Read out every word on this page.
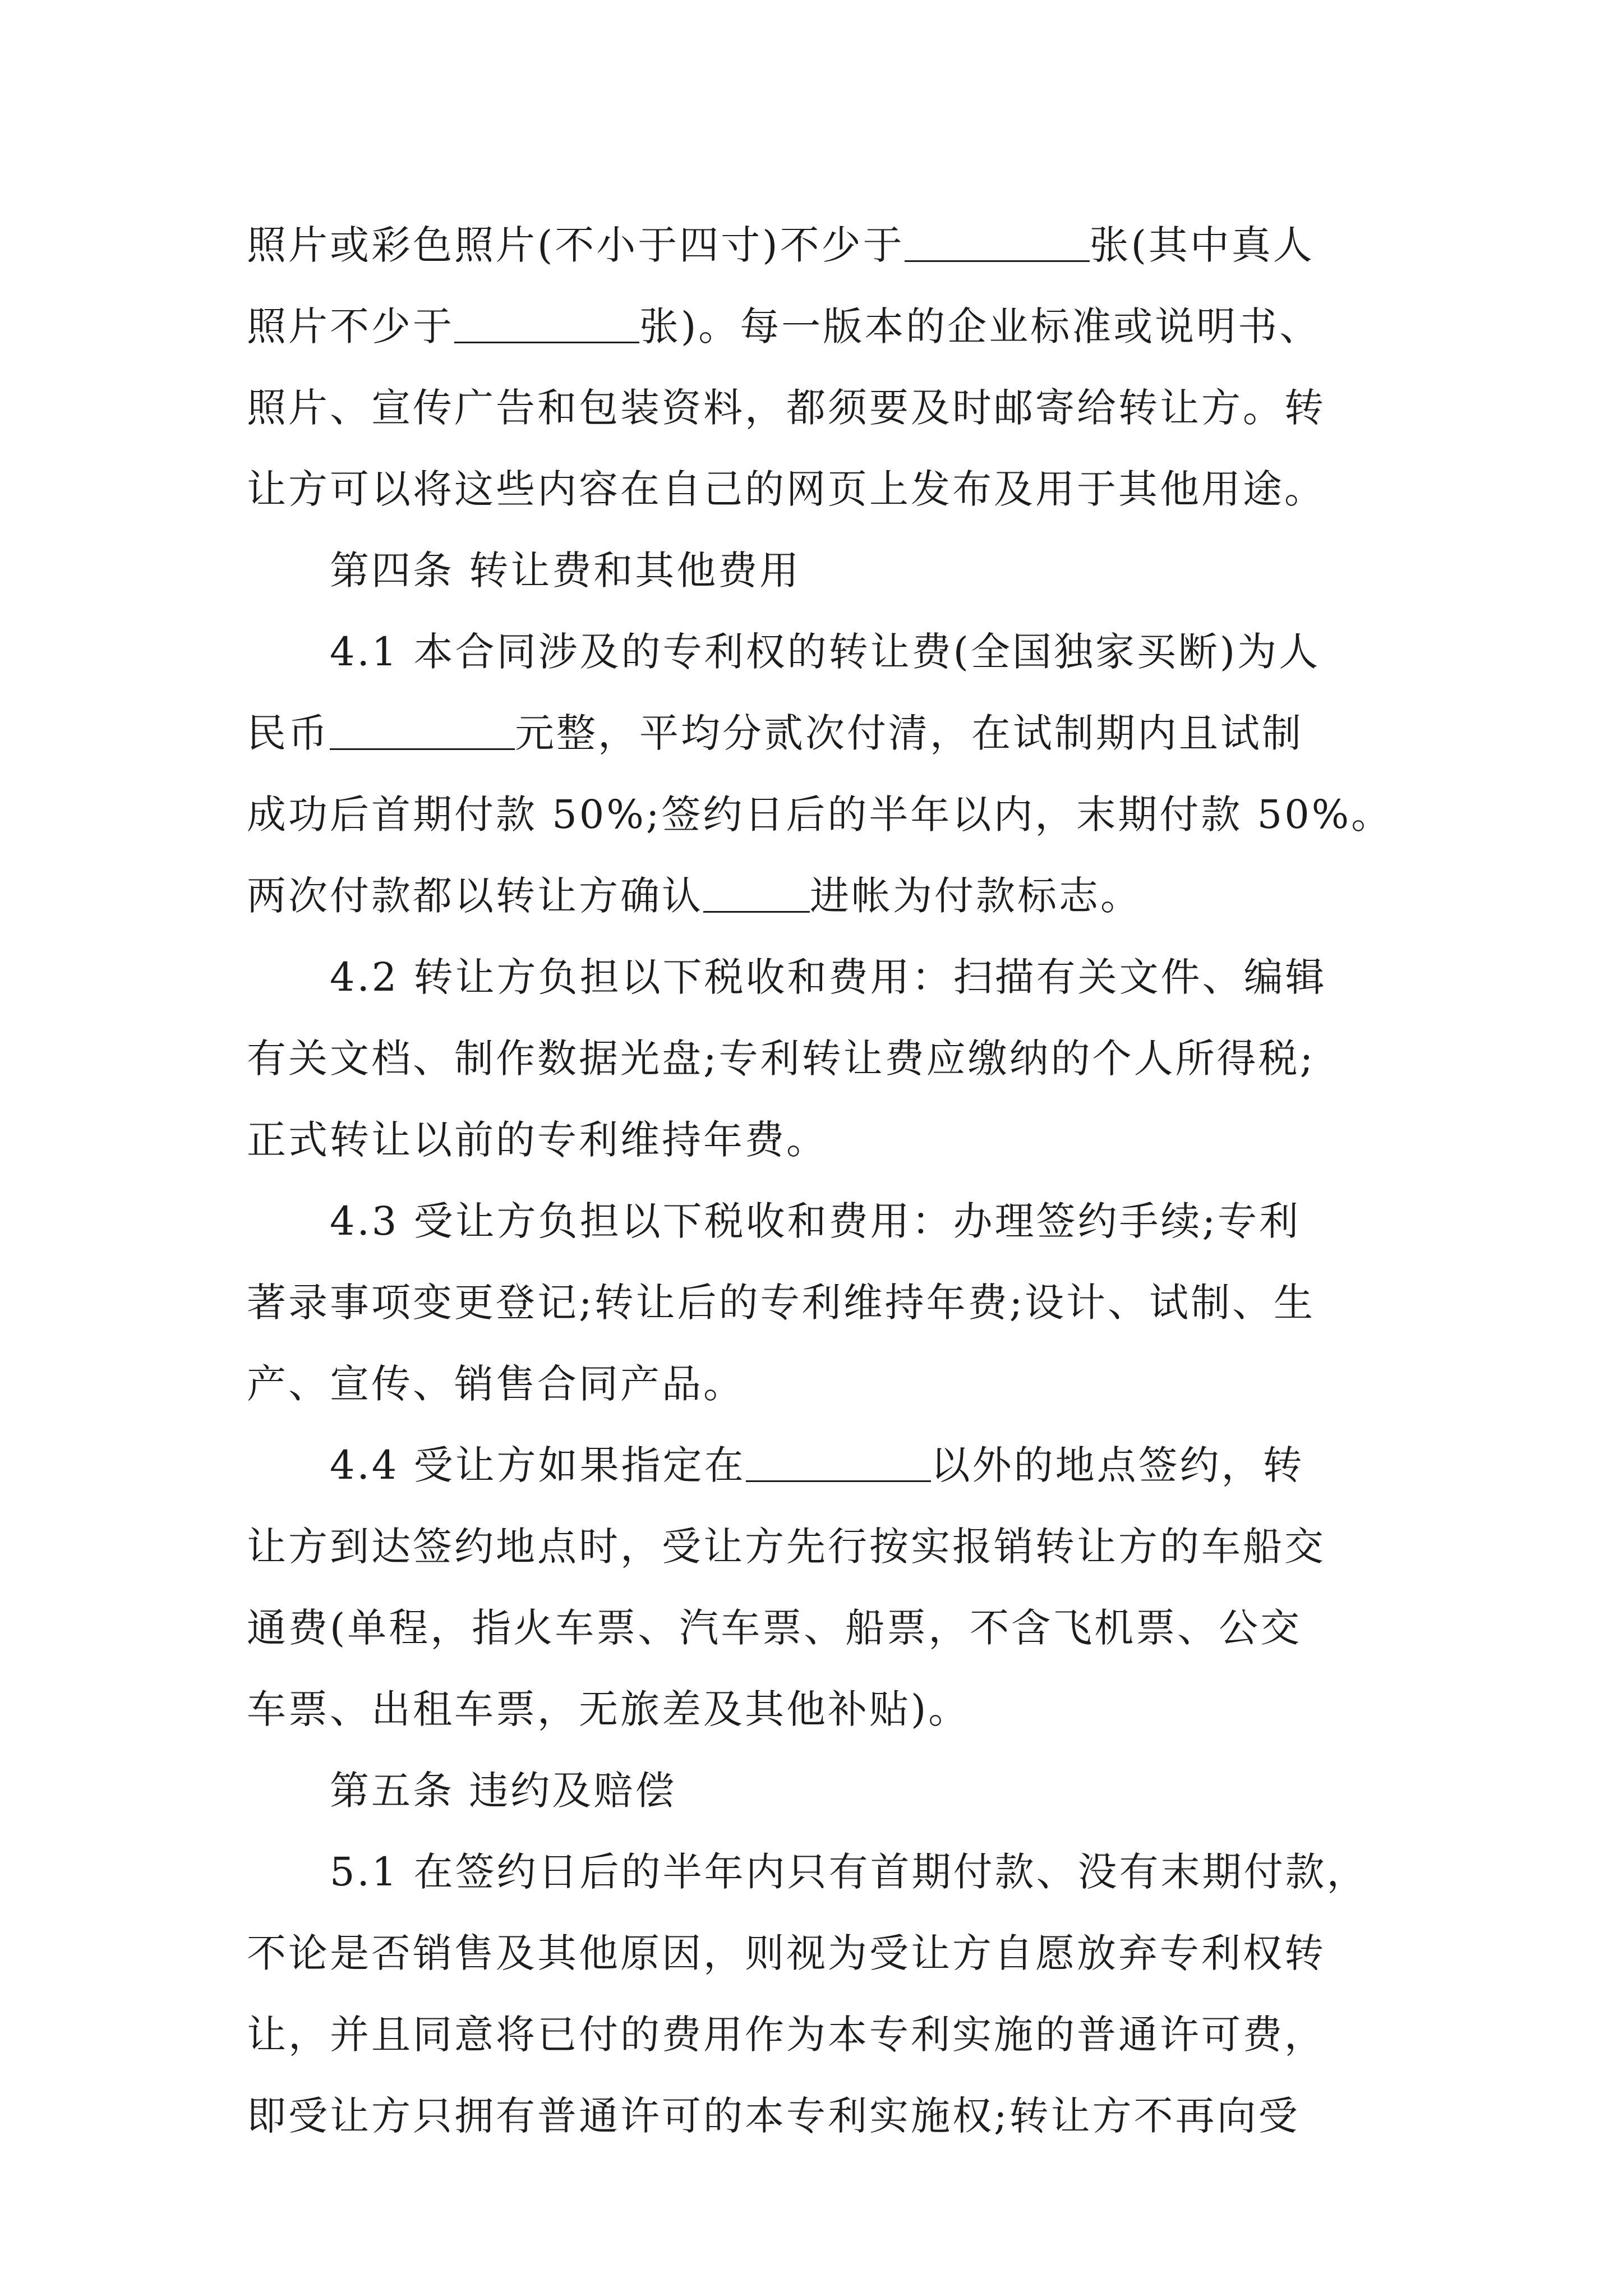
照片或彩色照片(不小于四寸)不少于	张(其中真人
照片不少于	张)。每一版本的企业标准或说明书、
照片、宣传广告和包装资料，都须要及时邮寄给转让方。转
让方可以将这些内容在自己的网页上发布及用于其他用途。
第四条 转让费和其他费用
4.1 本合同涉及的专利权的转让费(全国独家买断)为人
民币	元整，平均分贰次付清，在试制期内且试制
成功后首期付款 50%;签约日后的半年以内，末期付款 50%。
两次付款都以转让方确认	进帐为付款标志。
4.2 转让方负担以下税收和费用：扫描有关文件、编辑
有关文档、制作数据光盘;专利转让费应缴纳的个人所得税;
正式转让以前的专利维持年费。
4.3 受让方负担以下税收和费用：办理签约手续;专利
著录事项变更登记;转让后的专利维持年费;设计、试制、生
产、宣传、销售合同产品。
4.4 受让方如果指定在	以外的地点签约，转
让方到达签约地点时，受让方先行按实报销转让方的车船交
通费(单程，指火车票、汽车票、船票，不含飞机票、公交
车票、出租车票，无旅差及其他补贴)。
第五条 违约及赔偿
5.1 在签约日后的半年内只有首期付款、没有末期付款，
不论是否销售及其他原因，则视为受让方自愿放弃专利权转
让，并且同意将已付的费用作为本专利实施的普通许可费，
即受让方只拥有普通许可的本专利实施权;转让方不再向受
